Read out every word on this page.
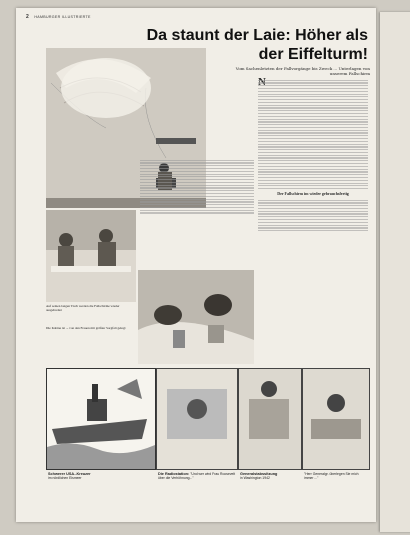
2 HAMBURGER ILLUSTRIERTE
Da staunt der Laie: Höher als der Eiffelturm!
Vom Sachenletzten der Fallvorgänge bis Zweck ... Unterlagen von unserem Fallschirm
Auf seinen langen Tisch werden die Fallschirme wieder ausgebreitet
Die Kabine ist ... von den Frauen mit größter Sorgfalt gelegt
Der Fallschirm im wieder gebrauchsfertig
Schwerer USA.-Kreuzer
im nördlichen Eismeer
Die Radiostation: "Und wer wird Frau Roosevelt über die Verhöhnung..."
Generalstabssitzung
in Washington 1942
"Herr Generalgr. überlegen Sie mich immer ..."
